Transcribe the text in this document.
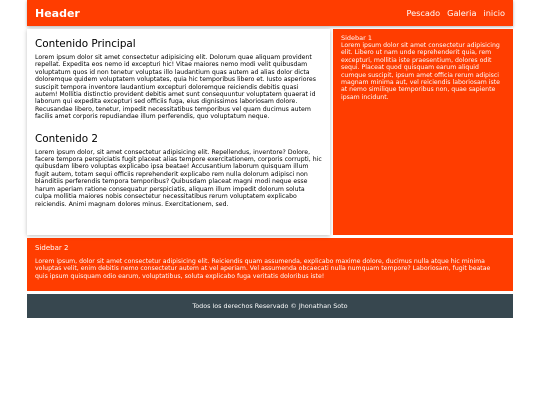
Header	Pescado Galeria inicio
Contenido Principal

Lorem ipsum dolor sit amet consectetur adipisicing elit. Dolorum quae aliquam provident repellat. Expedita eos nemo id excepturi hic! Vitae maiores nemo modi velit quibusdam voluptatum quos id non tenetur voluptas illo laudantium quas autem ad alias dolor dicta doloremque quidem voluptatem voluptates, quia hic temporibus libero et. Iusto asperiores suscipit tempora inventore laudantium excepturi doloremque reiciendis debitis quasi autem! Mollitia distinctio provident debitis amet sunt consequuntur voluptatem quaerat id laborum qui expedita excepturi sed officiis fuga, eius dignissimos laboriosam dolore. Recusandae libero, tenetur, impedit necessitatibus temporibus vel quam ducimus autem facilis amet corporis repudiandae illum perferendis, quo voluptatum neque.

Contenido 2

Lorem ipsum dolor, sit amet consectetur adipisicing elit. Repellendus, inventore? Dolore, facere tempora perspiciatis fugit placeat alias tempore exercitationem, corporis corrupti, hic quibusdam libero voluptas explicabo ipsa beatae! Accusantium laborum quisquam illum fugit autem, totam sequi officiis reprehenderit explicabo rem nulla dolorum adipisci non blanditiis perferendis tempora temporibus? Quibusdam placeat magni modi neque esse harum aperiam ratione consequatur perspiciatis, aliquam illum impedit dolorum soluta culpa mollitia maiores nobis consectetur necessitatibus rerum voluptatem explicabo reiciendis. Animi magnam dolores minus. Exercitationem, sed.

Sidebar 1

Lorem ipsum dolor sit amet consectetur adipisicing elit. Libero ut nam unde reprehenderit quia, rem excepturi, mollitia iste praesentium, dolores odit sequi. Placeat quod quisquam earum aliquid cumque suscipit, ipsum amet officia rerum adipisci magnam minima aut, vel reiciendis laboriosam iste at nemo similique temporibus non, quae sapiente ipsam incidunt.

Sidebar 2

Lorem ipsum, dolor sit amet consectetur adipisicing elit. Reiciendis quam assumenda, explicabo maxime dolore, ducimus nulla atque hic minima voluptas velit, enim debitis nemo consectetur autem at vel aperiam. Vel assumenda obcaecati nulla numquam tempore? Laboriosam, fugit beatae quis ipsum quisquam odio earum, voluptatibus, soluta explicabo fuga veritatis doloribus iste!

Todos los derechos Reservado © Jhonathan Soto
